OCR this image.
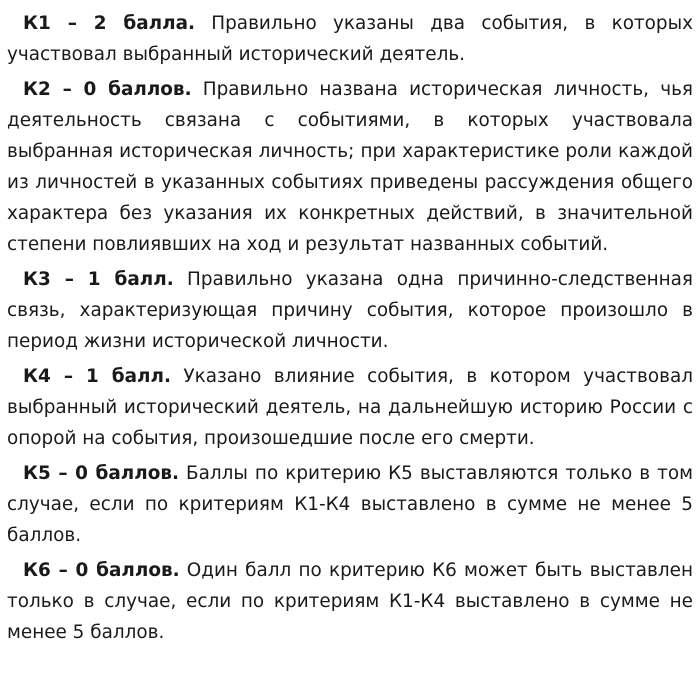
К1 – 2 балла. Правильно указаны два события, в которых участвовал выбранный исторический деятель.

К2 – 0 баллов. Правильно названа историческая личность, чья деятельность связана с событиями, в которых участвовала выбранная историческая личность; при характеристике роли каждой из личностей в указанных событиях приведены рассуждения общего характера без указания их конкретных действий, в значительной степени повлиявших на ход и результат названных событий.

К3 – 1 балл. Правильно указана одна причинно-следственная связь, характеризующая причину события, которое произошло в период жизни исторической личности.

К4 – 1 балл. Указано влияние события, в котором участвовал выбранный исторический деятель, на дальнейшую историю России с опорой на события, произошедшие после его смерти.

К5 – 0 баллов. Баллы по критерию К5 выставляются только в том случае, если по критериям К1-К4 выставлено в сумме не менее 5 баллов.

К6 – 0 баллов. Один балл по критерию К6 может быть выставлен только в случае, если по критериям К1-К4 выставлено в сумме не менее 5 баллов.
